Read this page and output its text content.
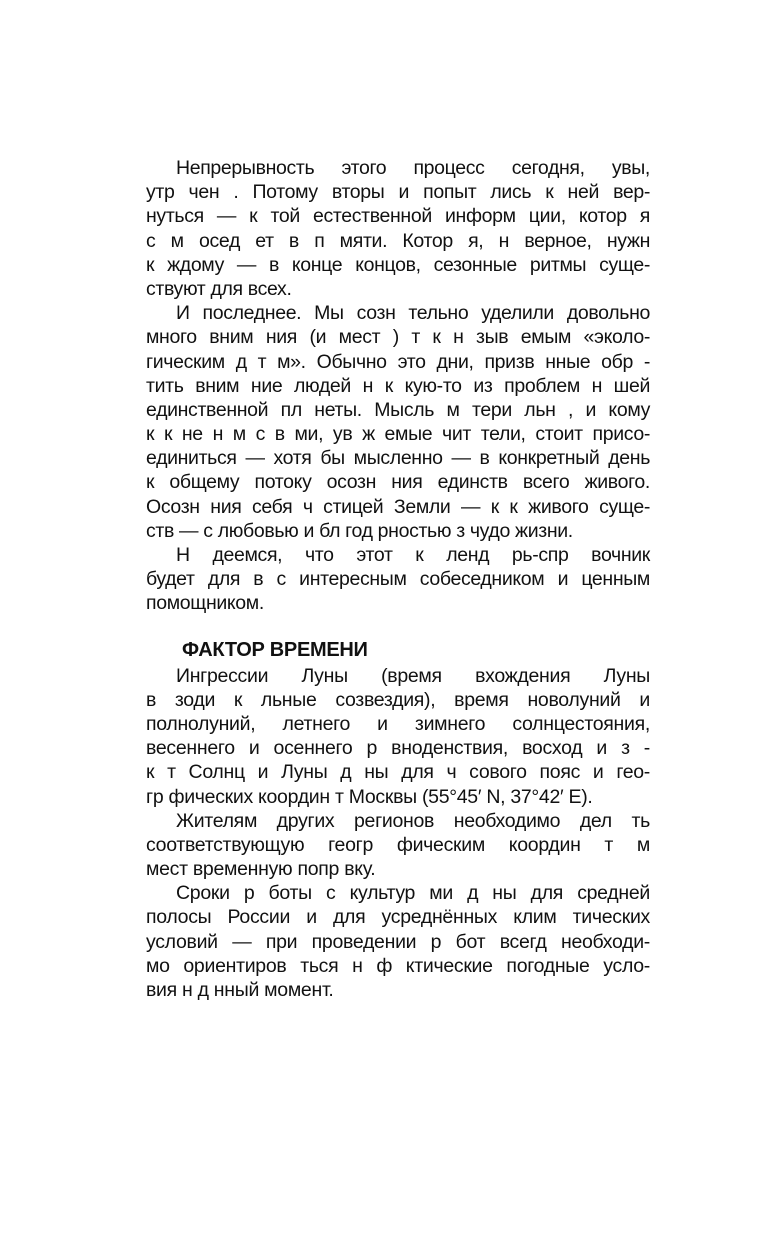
Непрерывность этого процесс сегодня, увы,
утр чен . Потому вторы и попыт лись к ней вер-
нуться — к той естественной информ ции, котор я
с м осед ет в п мяти. Котор я, н верное, нужн
к ждому — в конце концов, сезонные ритмы суще-
ствуют для всех.
И последнее. Мы созн тельно уделили довольно
много вним ния (и мест ) т к н зыв емым «эколо-
гическим д т м». Обычно это дни, призв нные обр -
тить вним ние людей н к кую-то из проблем н шей
единственной пл неты. Мысль м тери льн , и кому
к к не н м с в ми, ув ж емые чит тели, стоит присо-
единиться — хотя бы мысленно — в конкретный день
к общему потоку осозн ния единств всего живого.
Осозн ния себя ч стицей Земли — к к живого суще-
ств — с любовью и бл год рностью з чудо жизни.
Н деемся, что этот к ленд рь-спр вочник
будет для в с интересным собеседником и ценным
помощником.
ФАКТОР ВРЕМЕНИ
Ингрессии Луны (время вхождения Луны
в зоди к льные созвездия), время новолуний и
полнолуний, летнего и зимнего солнцестояния,
весеннего и осеннего р вноденствия, восход и з -
к т Солнц и Луны д ны для ч сового пояс и гео-
гр фических координ т Москвы (55°45′ N, 37°42′ E).
Жителям других регионов необходимо дел ть
соответствующую геогр фическим координ т м
мест временную попр вку.
Сроки р боты с культур ми д ны для средней
полосы России и для усреднённых клим тических
условий — при проведении р бот всегд необходи-
мо ориентиров ться н ф ктические погодные усло-
вия н д нный момент.
